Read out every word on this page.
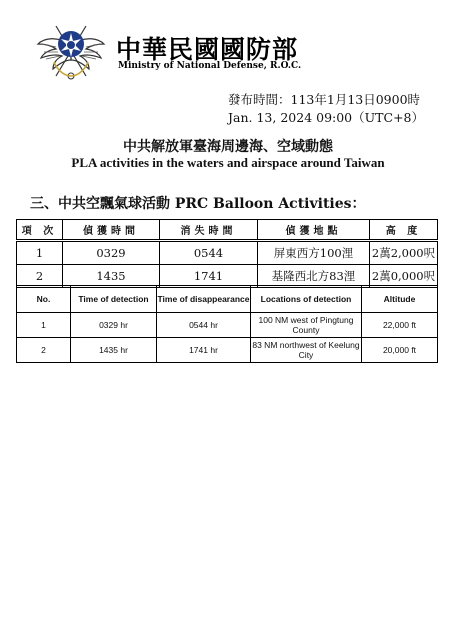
中華民國國防部
Ministry of National Defense, R.O.C.
發布時間：113年1月13日0900時
Jan. 13, 2024 09:00（UTC+8）
中共解放軍臺海周邊海、空域動態
PLA activities in the waters and airspace around Taiwan
三、中共空飄氣球活動 PRC Balloon Activities：
項 次	偵獲時間	消失時間	偵獲地點	高 度
1	0329	0544	屏東西方100浬	2萬2,000呎
2	1435	1741	基隆西北方83浬	2萬0,000呎
No.	Time of detection	Time of disappearance	Locations of detection	Altitude
1	0329 hr	0544 hr	100 NM west of Pingtung County	22,000 ft
2	1435 hr	1741 hr	83 NM northwest of Keelung City	20,000 ft
